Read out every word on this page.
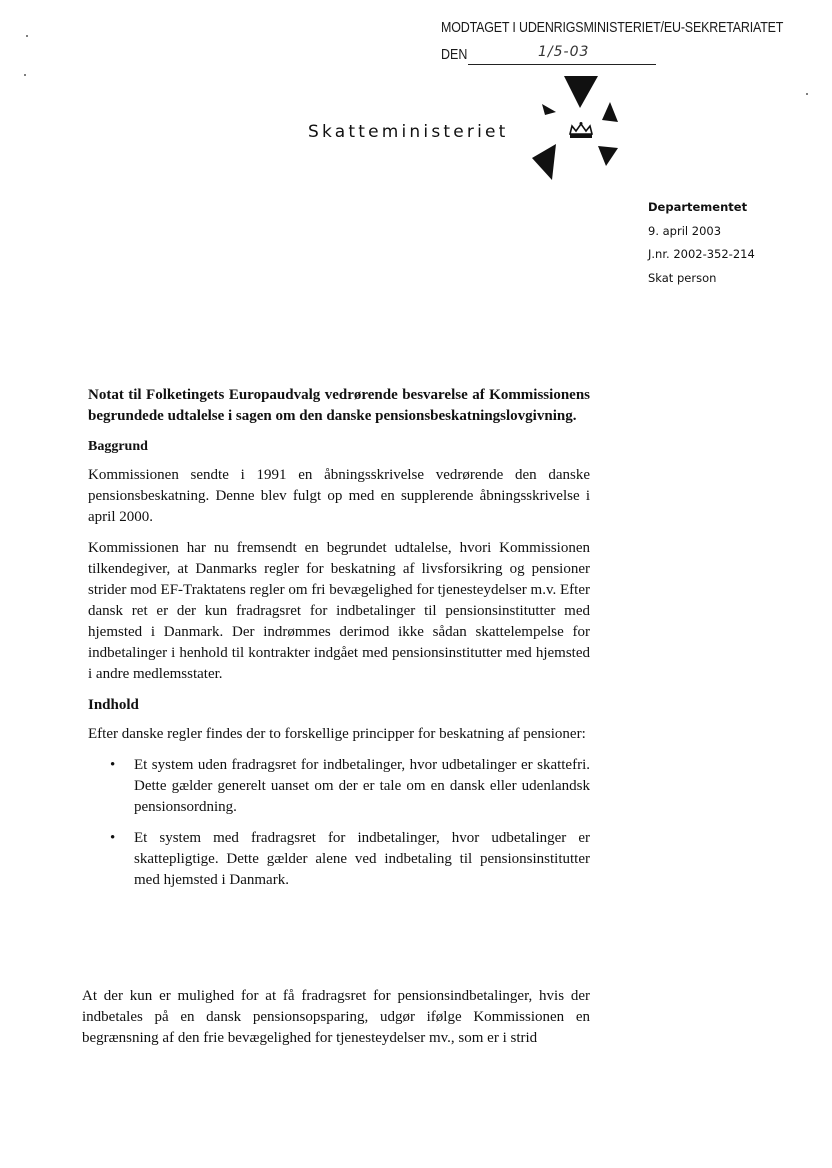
MODTAGET I UDENRIGSMINISTERIET/EU-SEKRETARIATET
DEN	1/5-03
Skatteministeriet
Departementet
9. april 2003
J.nr. 2002-352-214
Skat person
Notat til Folketingets Europaudvalg vedrørende besvarelse af Kommissionens begrundede udtalelse i sagen om den danske pensionsbeskatningslovgivning.
Baggrund

Kommissionen sendte i 1991 en åbningsskrivelse vedrørende den danske pensionsbeskatning. Denne blev fulgt op med en supplerende åbningsskrivelse i april 2000.

Kommissionen har nu fremsendt en begrundet udtalelse, hvori Kommissionen tilkendegiver, at Danmarks regler for beskatning af livsforsikring og pensioner strider mod EF-Traktatens regler om fri bevægelighed for tjenesteydelser m.v. Efter dansk ret er der kun fradragsret for indbetalinger til pensionsinstitutter med hjemsted i Danmark. Der indrømmes derimod ikke sådan skattelempelse for indbetalinger i henhold til kontrakter indgået med pensionsinstitutter med hjemsted i andre medlemsstater.

Indhold

Efter danske regler findes der to forskellige principper for beskatning af pensioner:

• Et system uden fradragsret for indbetalinger, hvor udbetalinger er skattefri. Dette gælder generelt uanset om der er tale om en dansk eller udenlandsk pensionsordning.
• Et system med fradragsret for indbetalinger, hvor udbetalinger er skattepligtige. Dette gælder alene ved indbetaling til pensionsinstitutter med hjemsted i Danmark.

At der kun er mulighed for at få fradragsret for pensionsindbetalinger, hvis der indbetales på en dansk pensionsopsparing, udgør ifølge Kommissionen en begrænsning af den frie bevægelighed for tjenesteydelser mv., som er i strid
